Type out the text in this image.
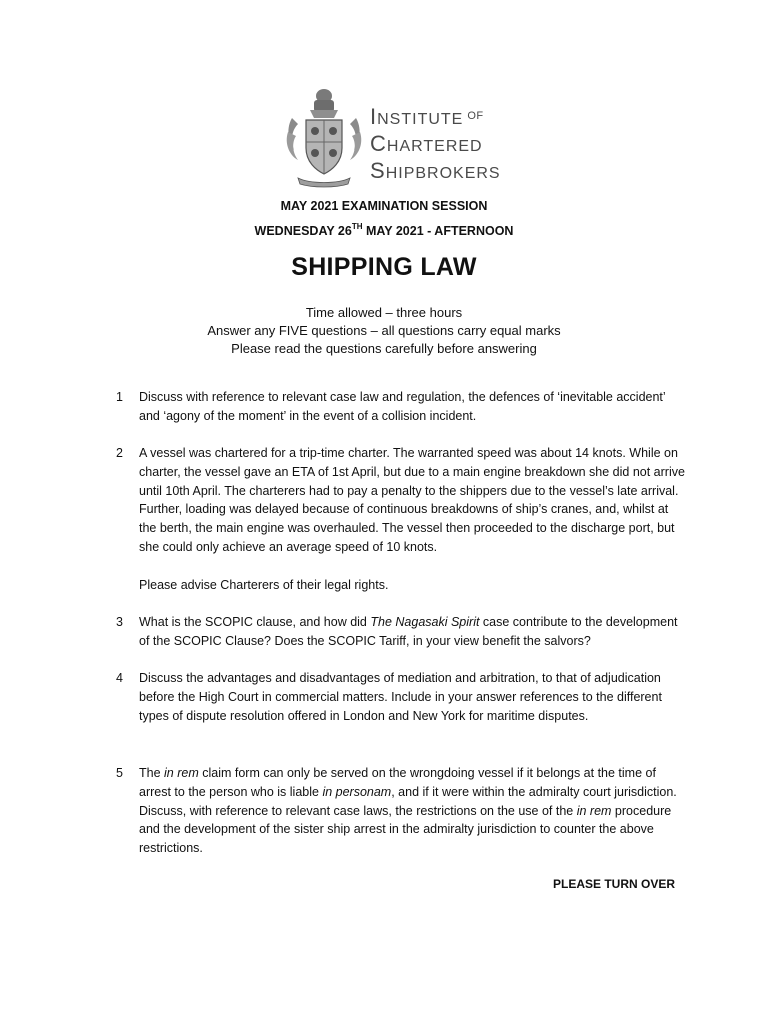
INSTITUTE $^{OF}$
CHARTERED
SHIPBROKERS
MAY 2021 EXAMINATION SESSION
WEDNESDAY 26TH MAY 2021 - AFTERNOON
SHIPPING LAW
Time allowed – three hours
Answer any FIVE questions – all questions carry equal marks
Please read the questions carefully before answering
1 Discuss with reference to relevant case law and regulation, the defences of ‘inevitable accident’ and ‘agony of the moment’ in the event of a collision incident.

2 A vessel was chartered for a trip-time charter. The warranted speed was about 14 knots. While on charter, the vessel gave an ETA of 1st April, but due to a main engine breakdown she did not arrive until 10th April. The charterers had to pay a penalty to the shippers due to the vessel’s late arrival. Further, loading was delayed because of continuous breakdowns of ship’s cranes, and, whilst at the berth, the main engine was overhauled. The vessel then proceeded to the discharge port, but she could only achieve an average speed of 10 knots.

Please advise Charterers of their legal rights.

3 What is the SCOPIC clause, and how did The Nagasaki Spirit case contribute to the development of the SCOPIC Clause? Does the SCOPIC Tariff, in your view benefit the salvors?

4 Discuss the advantages and disadvantages of mediation and arbitration, to that of adjudication before the High Court in commercial matters. Include in your answer references to the different types of dispute resolution offered in London and New York for maritime disputes.

5 The in rem claim form can only be served on the wrongdoing vessel if it belongs at the time of arrest to the person who is liable in personam, and if it were within the admiralty court jurisdiction. Discuss, with reference to relevant case laws, the restrictions on the use of the in rem procedure and the development of the sister ship arrest in the admiralty jurisdiction to counter the above restrictions.

PLEASE TURN OVER
